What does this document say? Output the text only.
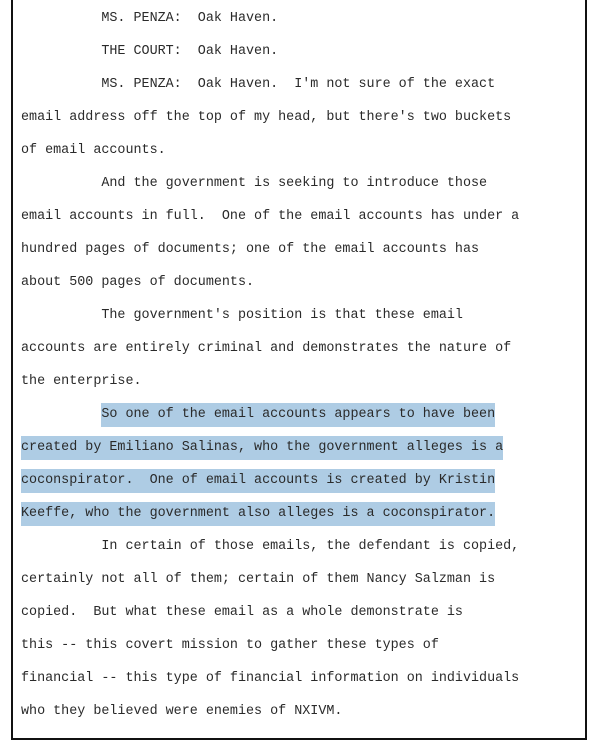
MS. PENZA:  Oak Haven.
THE COURT:  Oak Haven.
MS. PENZA:  Oak Haven.  I'm not sure of the exact
email address off the top of my head, but there's two buckets
of email accounts.
And the government is seeking to introduce those
email accounts in full.  One of the email accounts has under a
hundred pages of documents; one of the email accounts has
about 500 pages of documents.
The government's position is that these email
accounts are entirely criminal and demonstrates the nature of
the enterprise.
So one of the email accounts appears to have been
created by Emiliano Salinas, who the government alleges is a
coconspirator.  One of email accounts is created by Kristin
Keeffe, who the government also alleges is a coconspirator.
In certain of those emails, the defendant is copied,
certainly not all of them; certain of them Nancy Salzman is
copied.  But what these email as a whole demonstrate is
this -- this covert mission to gather these types of
financial -- this type of financial information on individuals
who they believed were enemies of NXIVM.
